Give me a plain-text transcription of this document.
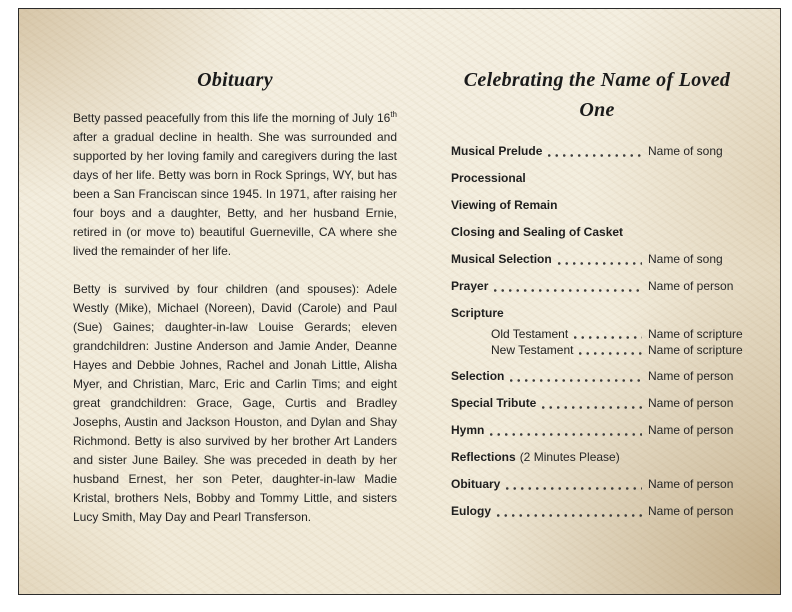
Obituary

Betty passed peacefully from this life the morning of July 16th after a gradual decline in health. She was surrounded and supported by her loving family and caregivers during the last days of her life. Betty was born in Rock Springs, WY, but has been a San Franciscan since 1945. In 1971, after raising her four boys and a daughter, Betty, and her husband Ernie, retired in (or move to) beautiful Guerneville, CA where she lived the remainder of her life.

Betty is survived by four children (and spouses): Adele Westly (Mike), Michael (Noreen), David (Carole) and Paul (Sue) Gaines; daughter-in-law Louise Gerards; eleven grandchildren: Justine Anderson and Jamie Ander, Deanne Hayes and Debbie Johnes, Rachel and Jonah Little, Alisha Myer, and Christian, Marc, Eric and Carlin Tims; and eight great grandchildren: Grace, Gage, Curtis and Bradley Josephs, Austin and Jackson Houston, and Dylan and Shay Richmond. Betty is also survived by her brother Art Landers and sister June Bailey. She was preceded in death by her husband Ernest, her son Peter, daughter-in-law Madie Kristal, brothers Nels, Bobby and Tommy Little, and sisters Lucy Smith, May Day and Pearl Transferson.

Celebrating the Name of Loved One
Musical Prelude	Name of song
Processional
Viewing of Remain
Closing and Sealing of Casket
Musical Selection	Name of song
Prayer	Name of person
Scripture
Old Testament	Name of scripture
New Testament	Name of scripture
Selection	Name of person
Special Tribute	Name of person
Hymn	Name of person
Reflections (2 Minutes Please)
Obituary	Name of person
Eulogy	Name of person
